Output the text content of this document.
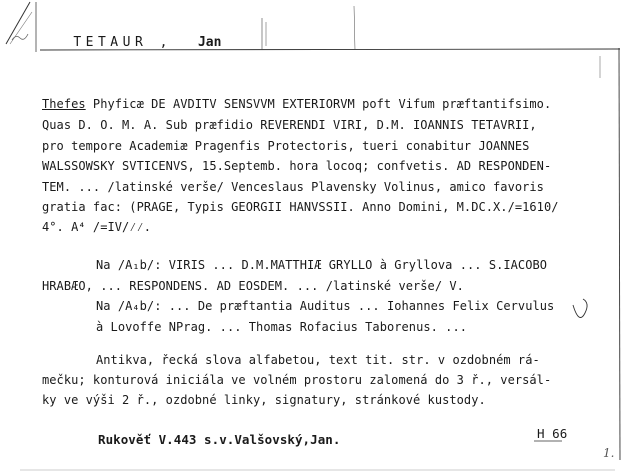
TETAUR , Jan

Thefes Phyficæ DE AVDITV SENSVVM EXTERIORVM poft Vifum præftantifsimo.
Quas D. O. M. A. Sub præfidio REVERENDI VIRI, D.M. IOANNIS TETAVRII,
pro tempore Academiæ Pragenfis Protectoris, tueri conabitur JOANNES
WALSSOWSKY SVTICENVS, 15.Septemb. hora locoq; confvetis. AD RESPONDEN-
TEM. ... /latinské verše/ Venceslaus Plavensky Volinus, amico favoris
gratia fac: (PRAGE, Typis GEORGII HANVSSII. Anno Domini, M.DC.X./=1610/
4°. A⁴ /=IV/⁄⁄.
Na /A₁b/: VIRIS ... D.M.MATTHIÆ GRYLLO à Gryllova ... S.IACOBO
HRABÆO, ... RESPONDENS. AD EOSDEM. ... /latinské verše/ V.
Na /A₄b/: ... De præftantia Auditus ... Iohannes Felix Cervulus
à Lovoffe NPrag. ... Thomas Rofacius Taborenus. ...
Antikva, řecká slova alfabetou, text tit. str. v ozdobném rá-
mečku; konturová iniciála ve volném prostoru zalomená do 3 ř., versál-
ky ve výši 2 ř., ozdobné linky, signatury, stránkové kustody.
Rukověť V.443 s.v.Valšovský,Jan.	H 66
1.
